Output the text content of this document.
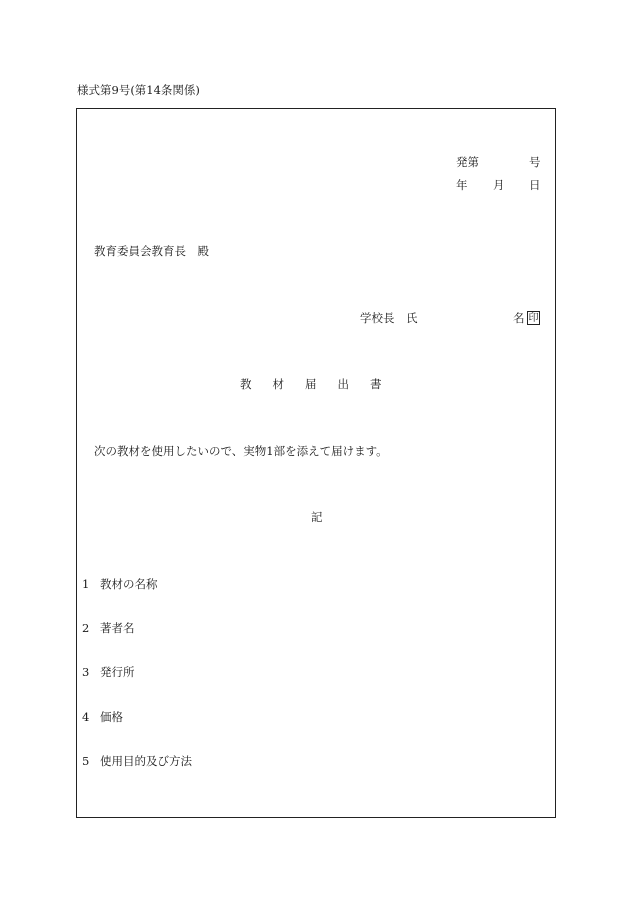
様式第9号(第14条関係)
発第	号
年 月 日
教育委員会教育長　殿
学校長　氏	名 印
教材届出書
次の教材を使用したいので、実物1部を添えて届けます。
記
1 教材の名称
2 著者名
3 発行所
4 価格
5 使用目的及び方法
